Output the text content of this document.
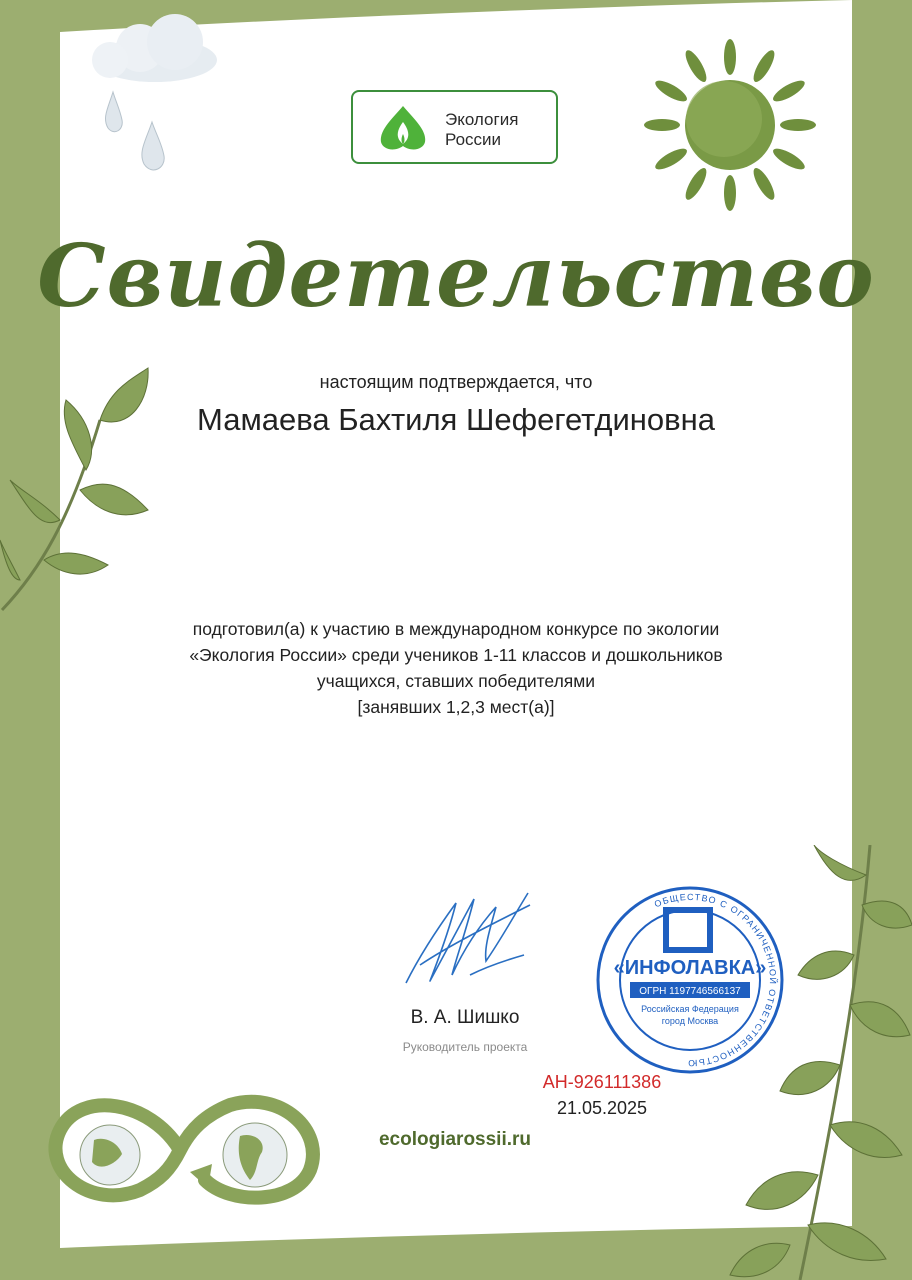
Экология
России
Свидетельство
настоящим подтверждается, что
Мамаева Бахтиля Шефегетдиновна
подготовил(а) к участию в международном конкурсе по экологии
«Экология России» среди учеников 1-11 классов и дошкольников
учащихся, ставших победителями
[занявших 1,2,3 мест(а)]
В. А. Шишко
Руководитель проекта
ОБЩЕСТВО С ОГРАНИЧЕННОЙ ОТВЕТСТВЕННОСТЬЮ
«ИНФОЛАВКА»
ОГРН 1197746566137
Российская Федерация
город Москва
АН-926111386
21.05.2025
ecologiarossii.ru
